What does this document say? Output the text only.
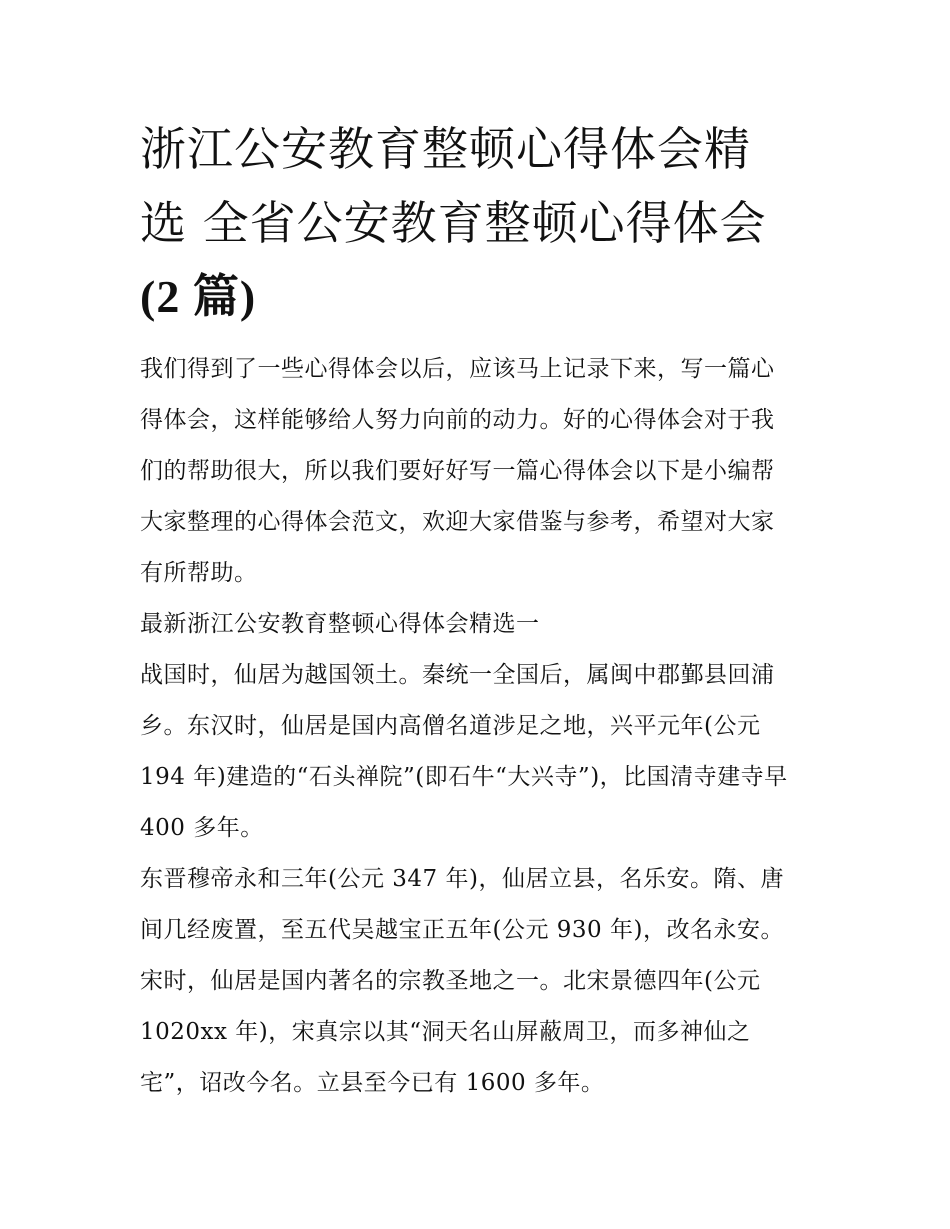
浙江公安教育整顿心得体会精
选 全省公安教育整顿心得体会
(2 篇)
我们得到了一些心得体会以后，应该马上记录下来，写一篇心
得体会，这样能够给人努力向前的动力。好的心得体会对于我
们的帮助很大，所以我们要好好写一篇心得体会以下是小编帮
大家整理的心得体会范文，欢迎大家借鉴与参考，希望对大家
有所帮助。
最新浙江公安教育整顿心得体会精选一
战国时，仙居为越国领土。秦统一全国后，属闽中郡鄞县回浦
乡。东汉时，仙居是国内高僧名道涉足之地，兴平元年(公元
194 年)建造的“石头禅院”(即石牛“大兴寺”)，比国清寺建寺早
400 多年。
东晋穆帝永和三年(公元 347 年)，仙居立县，名乐安。隋、唐
间几经废置，至五代吴越宝正五年(公元 930 年)，改名永安。
宋时，仙居是国内著名的宗教圣地之一。北宋景德四年(公元
1020xx 年)，宋真宗以其“洞天名山屏蔽周卫，而多神仙之
宅”，诏改今名。立县至今已有 1600 多年。
